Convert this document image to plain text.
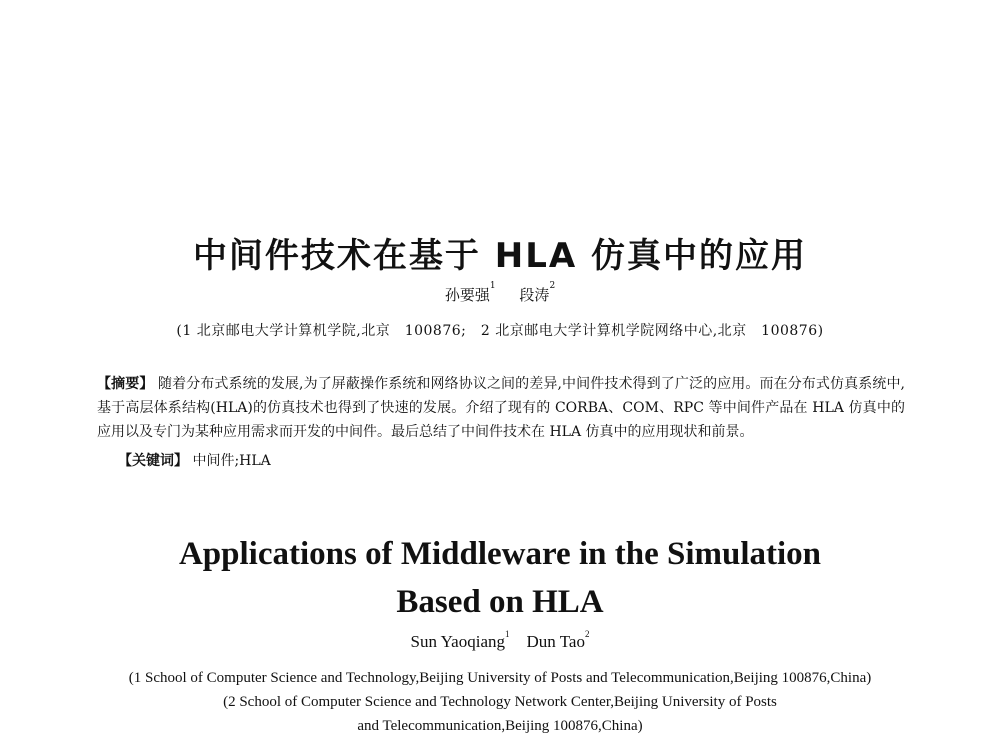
中间件技术在基于 HLA 仿真中的应用
孙要强$^1$ 段涛$^2$
(1 北京邮电大学计算机学院,北京　100876;　2 北京邮电大学计算机学院网络中心,北京　100876)
【摘要】 随着分布式系统的发展,为了屏蔽操作系统和网络协议之间的差异,中间件技术得到了广泛的应用。而在分布式仿真系统中,基于高层体系结构(HLA)的仿真技术也得到了快速的发展。介绍了现有的 CORBA、COM、RPC 等中间件产品在 HLA 仿真中的应用以及专门为某种应用需求而开发的中间件。最后总结了中间件技术在 HLA 仿真中的应用现状和前景。
【关键词】 中间件;HLA
Applications of Middleware in the Simulation
Based on HLA
Sun Yaoqiang$^1$ Dun Tao$^2$
(1 School of Computer Science and Technology,Beijing University of Posts and Telecommunication,Beijing 100876,China)
(2 School of Computer Science and Technology Network Center,Beijing University of Posts
and Telecommunication,Beijing 100876,China)
